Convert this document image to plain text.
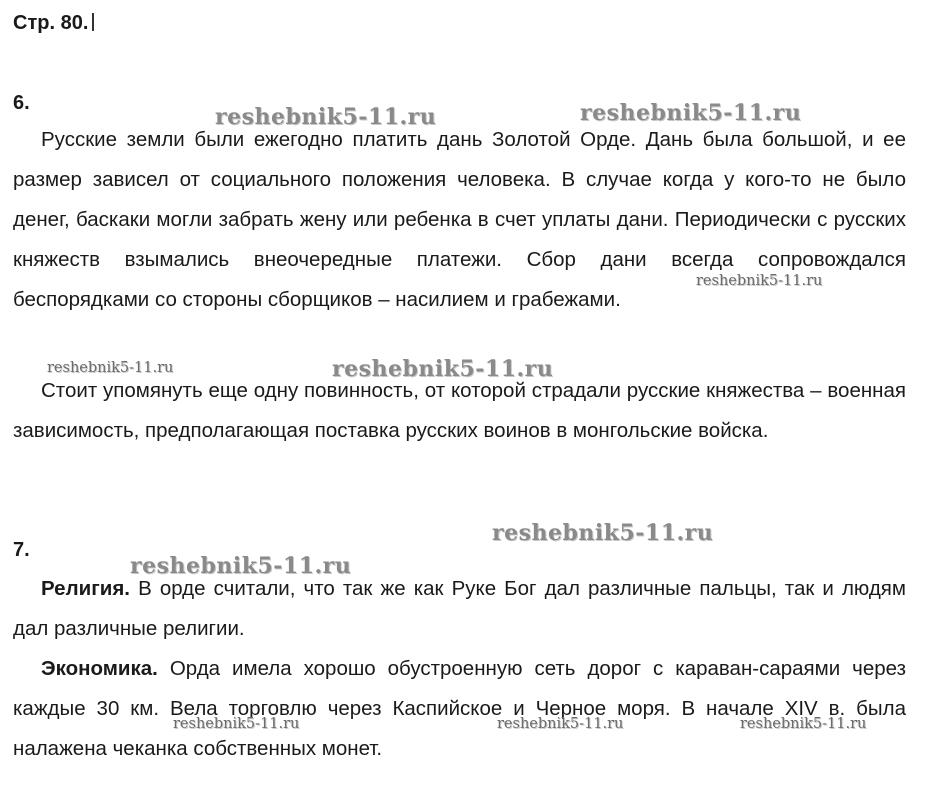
Стр. 80.
6.

Русские земли были ежегодно платить дань Золотой Орде. Дань была большой, и ее размер зависел от социального положения человека. В случае когда у кого-то не было денег, баскаки могли забрать жену или ребенка в счет уплаты дани. Периодически с русских княжеств взымались внеочередные платежи. Сбор дани всегда сопровождался беспорядками со стороны сборщиков – насилием и грабежами.

Стоит упомянуть еще одну повинность, от которой страдали русские княжества – военная зависимость, предполагающая поставка русских воинов в монгольские войска.

7.

Религия. В орде считали, что так же как Руке Бог дал различные пальцы, так и людям дал различные религии.

Экономика. Орда имела хорошо обустроенную сеть дорог с караван-сараями через каждые 30 км. Вела торговлю через Каспийское и Черное моря. В начале XIV в. была налажена чеканка собственных монет.

reshebnik5-11.ru	reshebnik5-11.ru
reshebnik5-11.ru
reshebnik5-11.ru	reshebnik5-11.ru
reshebnik5-11.ru
reshebnik5-11.ru
reshebnik5-11.ru	reshebnik5-11.ru	reshebnik5-11.ru
